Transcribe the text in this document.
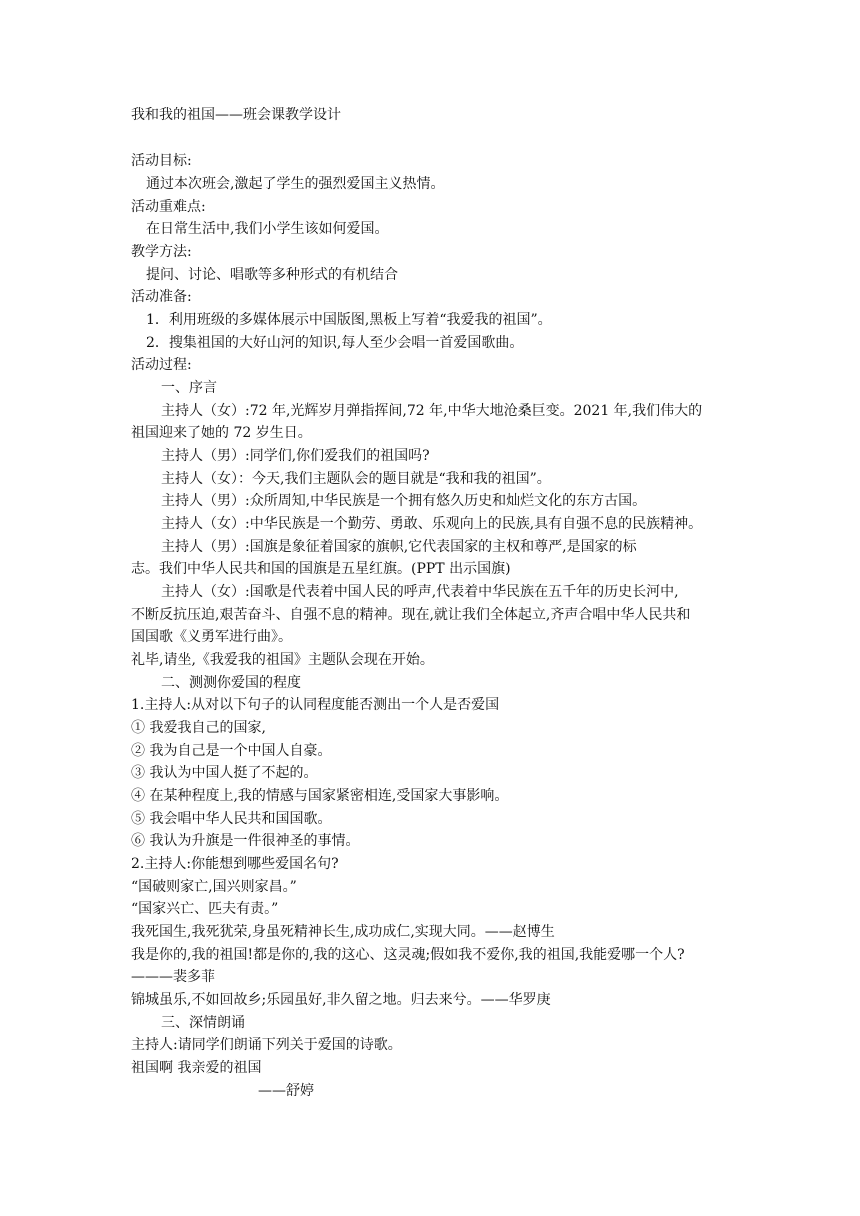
我和我的祖国——班会课教学设计
活动目标:
通过本次班会,激起了学生的强烈爱国主义热情。
活动重难点:
在日常生活中,我们小学生该如何爱国。
教学方法:
提问、讨论、唱歌等多种形式的有机结合
活动准备:
1．利用班级的多媒体展示中国版图,黑板上写着“我爱我的祖国”。
2．搜集祖国的大好山河的知识,每人至少会唱一首爱国歌曲。
活动过程:
一、序言
主持人（女）:72 年,光辉岁月弹指挥间,72 年,中华大地沧桑巨变。2021 年,我们伟大的
祖国迎来了她的 72 岁生日。
主持人（男）:同学们,你们爱我们的祖国吗?
主持人（女）：今天,我们主题队会的题目就是“我和我的祖国”。
主持人（男）:众所周知,中华民族是一个拥有悠久历史和灿烂文化的东方古国。
主持人（女）:中华民族是一个勤劳、勇敢、乐观向上的民族,具有自强不息的民族精神。
主持人（男）:国旗是象征着国家的旗帜,它代表国家的主权和尊严,是国家的标
志。我们中华人民共和国的国旗是五星红旗。(PPT 出示国旗)
主持人（女）:国歌是代表着中国人民的呼声,代表着中华民族在五千年的历史长河中,
不断反抗压迫,艰苦奋斗、自强不息的精神。现在,就让我们全体起立,齐声合唱中华人民共和
国国歌《义勇军进行曲》。
礼毕,请坐,《我爱我的祖国》主题队会现在开始。
二、测测你爱国的程度
1.主持人:从对以下句子的认同程度能否测出一个人是否爱国
① 我爱我自己的国家,
② 我为自己是一个中国人自豪。
③ 我认为中国人挺了不起的。
④ 在某种程度上,我的情感与国家紧密相连,受国家大事影响。
⑤ 我会唱中华人民共和国国歌。
⑥ 我认为升旗是一件很神圣的事情。
2.主持人:你能想到哪些爱国名句?
“国破则家亡,国兴则家昌。”
“国家兴亡、匹夫有责。”
我死国生,我死犹荣,身虽死精神长生,成功成仁,实现大同。——赵博生
我是你的,我的祖国!都是你的,我的这心、这灵魂;假如我不爱你,我的祖国,我能爱哪一个人?
———裴多菲
锦城虽乐,不如回故乡;乐园虽好,非久留之地。归去来兮。——华罗庚
三、深情朗诵
主持人:请同学们朗诵下列关于爱国的诗歌。
祖国啊 我亲爱的祖国
——舒婷
